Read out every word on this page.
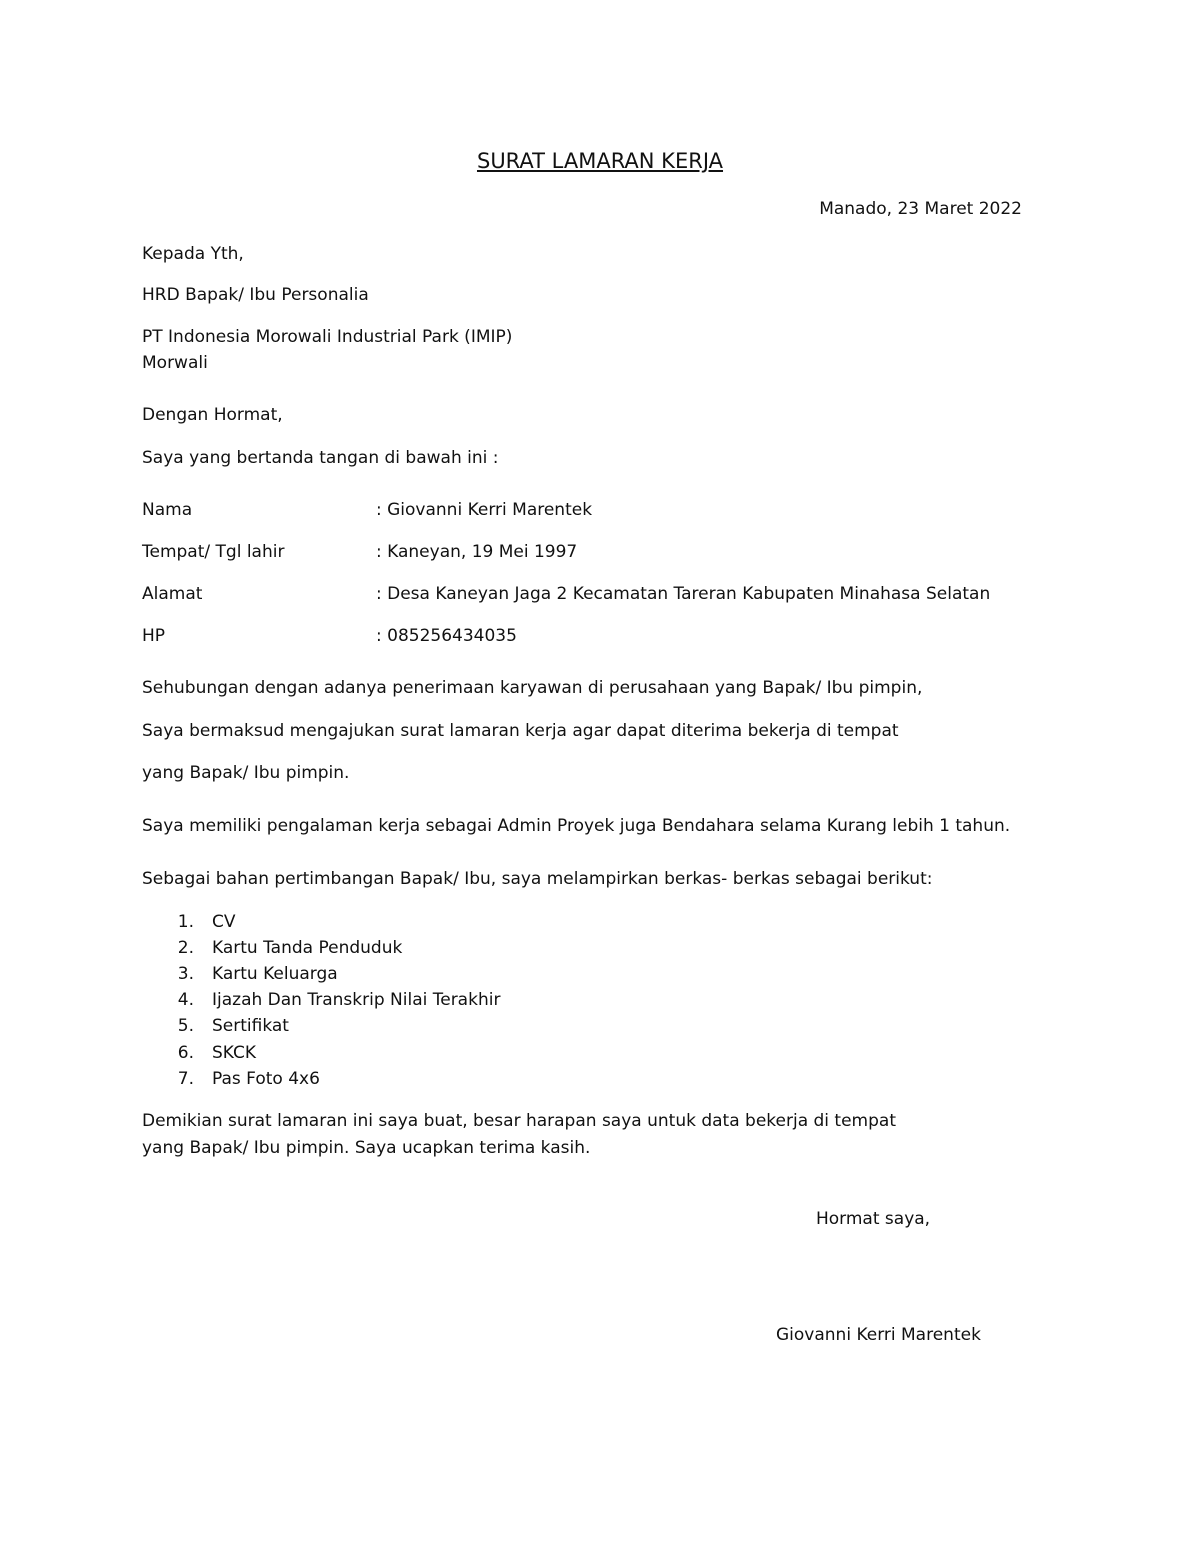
SURAT LAMARAN KERJA
Manado, 23 Maret 2022
Kepada Yth,
HRD Bapak/ Ibu Personalia
PT Indonesia Morowali Industrial Park (IMIP)
Morwali
Dengan Hormat,
Saya yang bertanda tangan di bawah ini :
Nama	: Giovanni Kerri Marentek
Tempat/ Tgl lahir	: Kaneyan, 19 Mei 1997
Alamat	: Desa Kaneyan Jaga 2 Kecamatan Tareran Kabupaten Minahasa Selatan
HP	: 085256434035
Sehubungan dengan adanya penerimaan karyawan di perusahaan yang Bapak/ Ibu pimpin,
Saya bermaksud mengajukan surat lamaran kerja agar dapat diterima bekerja di tempat
yang Bapak/ Ibu pimpin.
Saya memiliki pengalaman kerja sebagai Admin Proyek juga Bendahara selama Kurang lebih 1 tahun.
Sebagai bahan pertimbangan Bapak/ Ibu, saya melampirkan berkas- berkas sebagai berikut:
1. CV
2. Kartu Tanda Penduduk
3. Kartu Keluarga
4. Ijazah Dan Transkrip Nilai Terakhir
5. Sertifikat
6. SKCK
7. Pas Foto 4x6
Demikian surat lamaran ini saya buat, besar harapan saya untuk data bekerja di tempat
yang Bapak/ Ibu pimpin. Saya ucapkan terima kasih.
Hormat saya,
Giovanni Kerri Marentek
